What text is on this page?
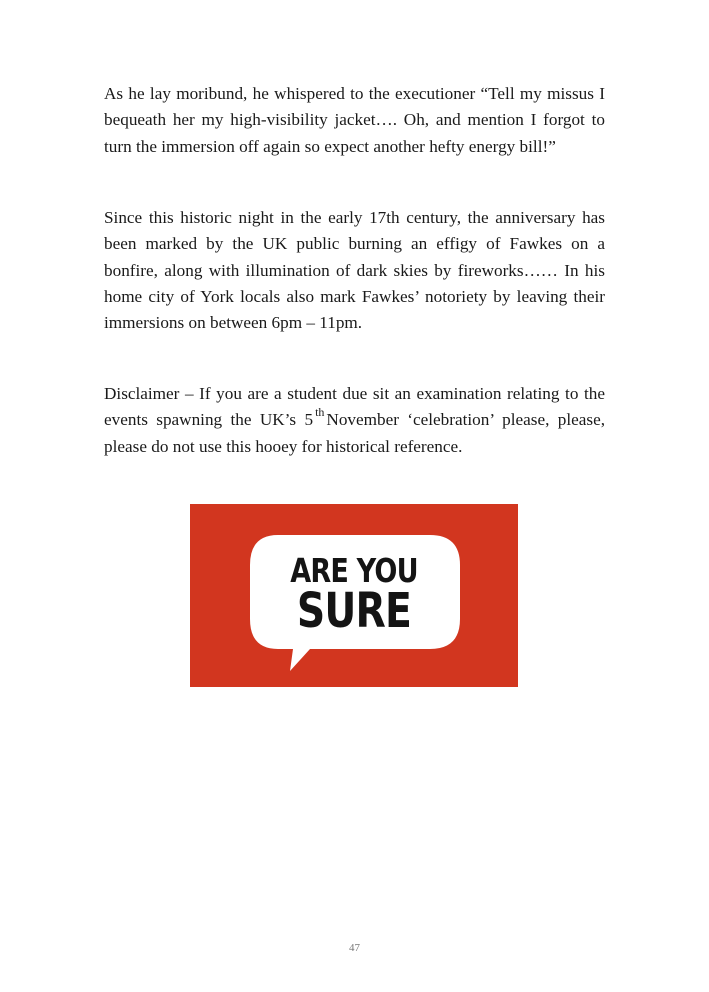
As he lay moribund, he whispered to the executioner “Tell my missus I bequeath her my high-visibility jacket…. Oh, and mention I forgot to turn the immersion off again so expect another hefty energy bill!”

Since this historic night in the early 17th century, the anniversary has been marked by the UK public burning an effigy of Fawkes on a bonfire, along with illumination of dark skies by fireworks…… In his home city of York locals also mark Fawkes’ notoriety by leaving their immersions on between 6pm – 11pm.

Disclaimer – If you are a student due sit an examination relating to the events spawning the UK’s 5 $^{th}$ November ‘celebration’ please, please, please do not use this hooey for historical reference.

ARE YOU
SURE
47
